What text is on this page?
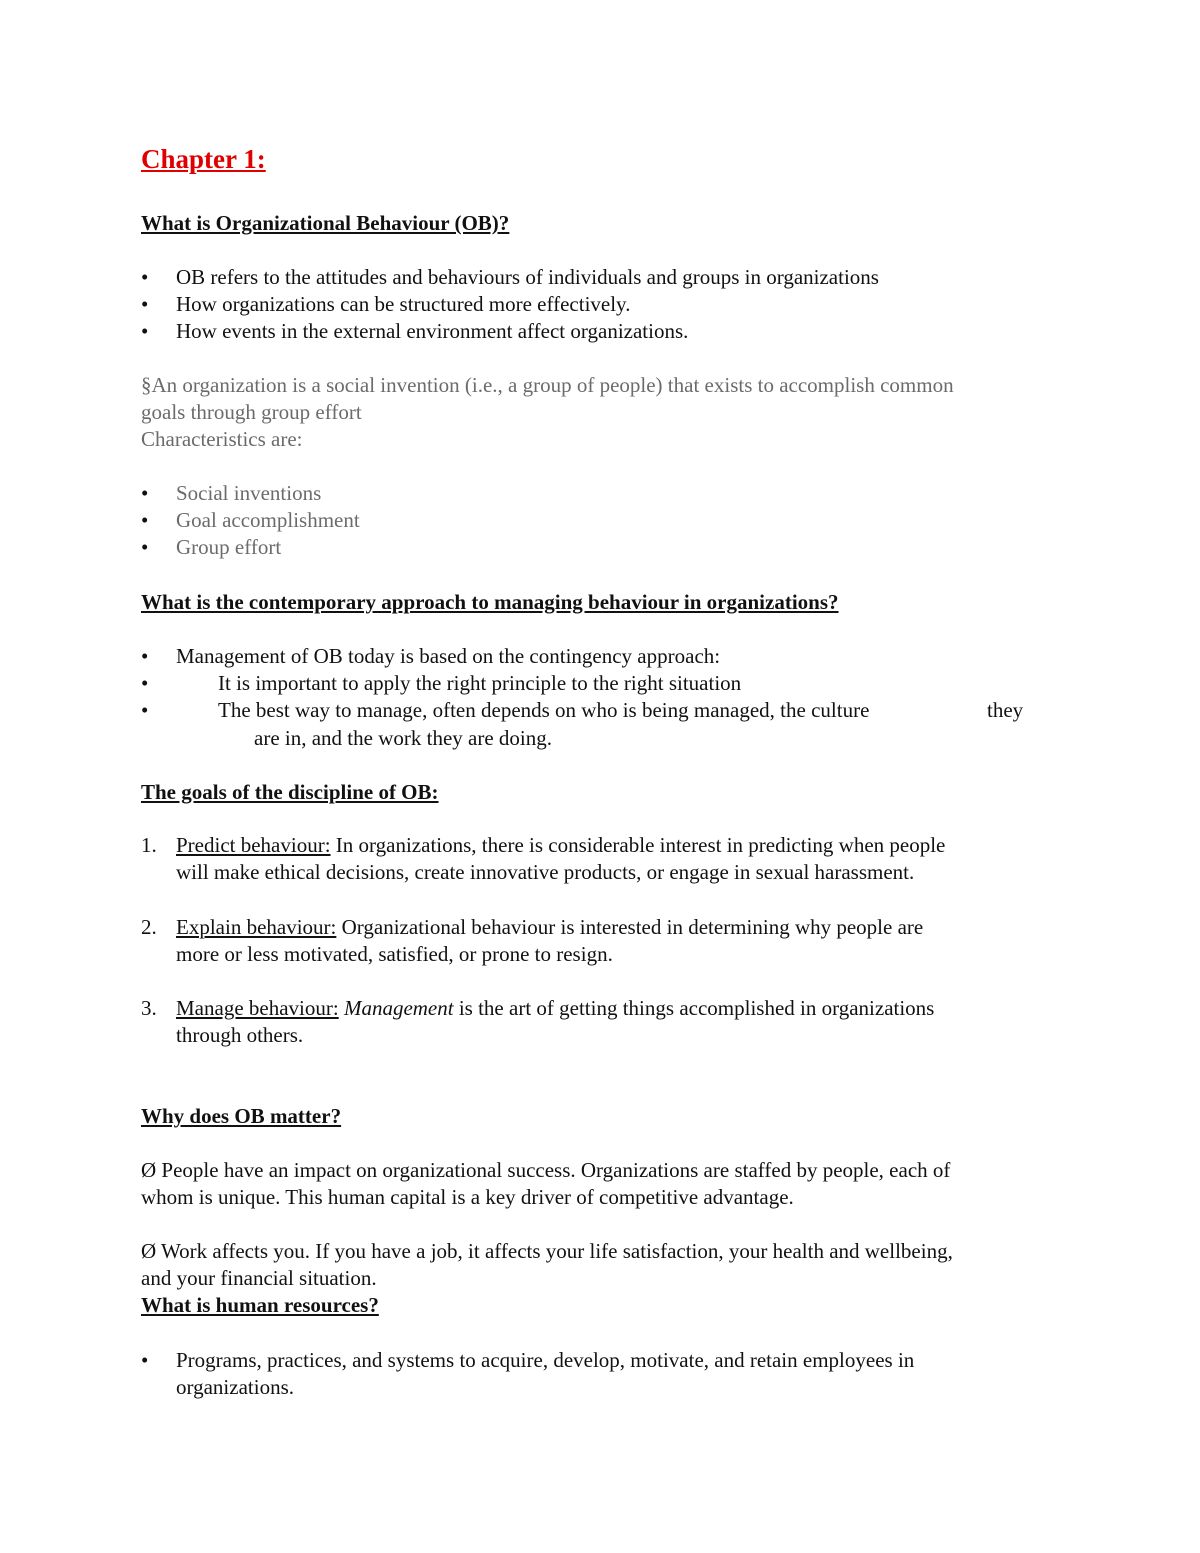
Chapter 1:
What is Organizational Behaviour (OB)?
•	OB refers to the attitudes and behaviours of individuals and groups in organizations
•	How organizations can be structured more effectively.
•	How events in the external environment affect organizations.
§An organization is a social invention (i.e., a group of people) that exists to accomplish common
goals through group effort
Characteristics are:
•	Social inventions
•	Goal accomplishment
•	Group effort
What is the contemporary approach to managing behaviour in organizations?
•	Management of OB today is based on the contingency approach:
•	It is important to apply the right principle to the right situation
•	The best way to manage, often depends on who is being managed, the culture	they
are in, and the work they are doing.
The goals of the discipline of OB:
1. Predict behaviour: In organizations, there is considerable interest in predicting when people
will make ethical decisions, create innovative products, or engage in sexual harassment.
2. Explain behaviour: Organizational behaviour is interested in determining why people are
more or less motivated, satisfied, or prone to resign.
3. Manage behaviour: Management is the art of getting things accomplished in organizations
through others.
Why does OB matter?
Ø People have an impact on organizational success. Organizations are staffed by people, each of
whom is unique. This human capital is a key driver of competitive advantage.
Ø Work affects you. If you have a job, it affects your life satisfaction, your health and wellbeing,
and your financial situation.
What is human resources?
•	Programs, practices, and systems to acquire, develop, motivate, and retain employees in
organizations.
